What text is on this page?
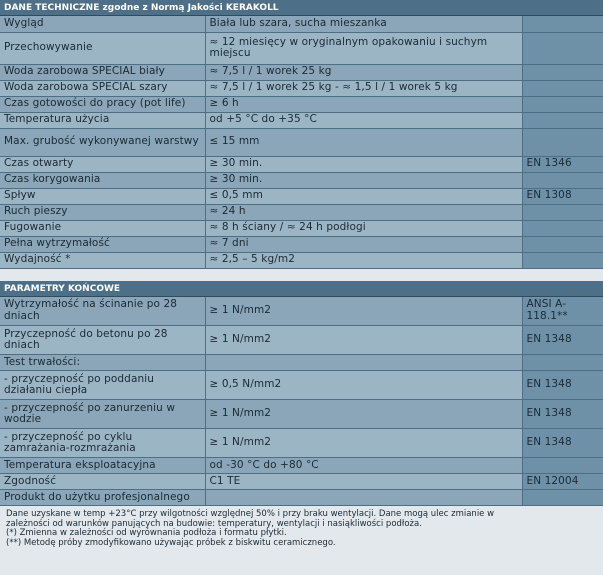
DANE TECHNICZNE zgodne z Normą Jakości KERAKOLL
Wygląd	Biała lub szara, sucha mieszanka	
Przechowywanie	≈ 12 miesięcy w oryginalnym opakowaniu i suchym miejscu	
Woda zarobowa SPECIAL biały	≈ 7,5 l / 1 worek 25 kg	
Woda zarobowa SPECIAL szary	≈ 7,5 l / 1 worek 25 kg - ≈ 1,5 l / 1 worek 5 kg	
Czas gotowości do pracy (pot life)	≥ 6 h	
Temperatura użycia	od +5 °C do +35 °C	
Max. grubość wykonywanej warstwy	≤ 15 mm	
Czas otwarty	≥ 30 min.	EN 1346
Czas korygowania	≥ 30 min.	
Spływ	≤ 0,5 mm	EN 1308
Ruch pieszy	≈ 24 h	
Fugowanie	≈ 8 h ściany / ≈ 24 h podłogi	
Pełna wytrzymałość	≈ 7 dni	
Wydajność *	≈ 2,5 – 5 kg/m2	
PARAMETRY KOŃCOWE
Wytrzymałość na ścinanie po 28 dniach	≥ 1 N/mm2	ANSI A-118.1**
Przyczepność do betonu po 28 dniach	≥ 1 N/mm2	EN 1348
Test trwałości:		
- przyczepność po poddaniu działaniu ciepła	≥ 0,5 N/mm2	EN 1348
- przyczepność po zanurzeniu w wodzie	≥ 1 N/mm2	EN 1348
- przyczepność po cyklu zamrażania-rozmrażania	≥ 1 N/mm2	EN 1348
Temperatura eksploatacyjna	od -30 °C do +80 °C	
Zgodność	C1 TE	EN 12004
Produkt do użytku profesjonalnego		
Dane uzyskane w temp +23°C przy wilgotności względnej 50% i przy braku wentylacji. Dane mogą ulec zmianie w
zależności od warunków panujących na budowie: temperatury, wentylacji i nasiąkliwości podłoża.
(*) Zmienna w zależności od wyrównania podłoża i formatu płytki.
(**) Metodę próby zmodyfikowano używając próbek z biskwitu ceramicznego.
